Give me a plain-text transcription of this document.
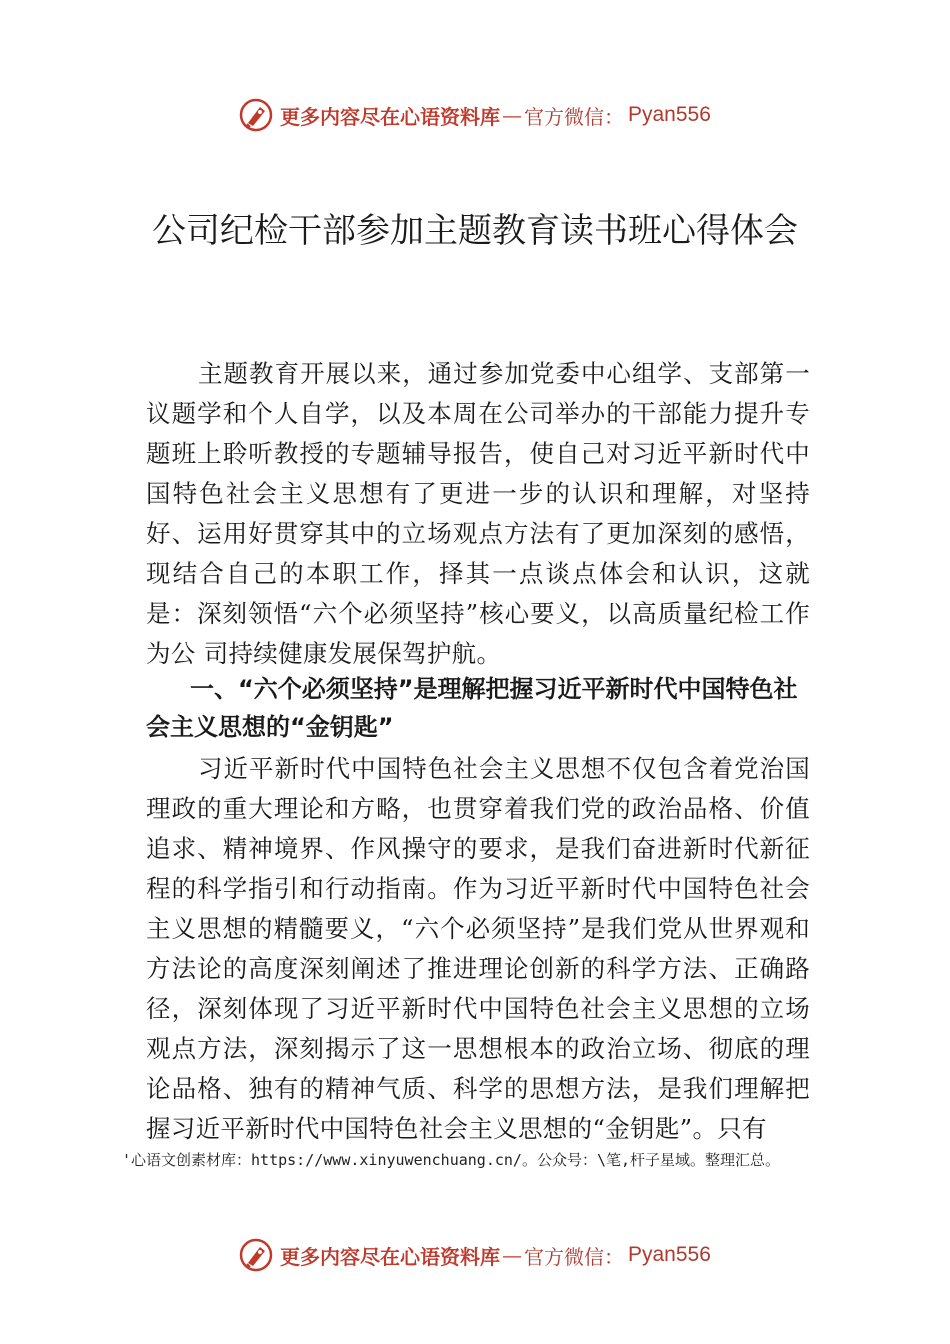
更多内容尽在心语资料库 — 官方微信： Pyan556
公司纪检干部参加主题教育读书班心得体会

主题教育开展以来，通过参加党委中心组学、支部第一议题学和个人自学，以及本周在公司举办的干部能力提升专题班上聆听教授的专题辅导报告，使自己对习近平新时代中国特色社会主义思想有了更进一步的认识和理解，对坚持好、运用好贯穿其中的立场观点方法有了更加深刻的感悟，现结合自己的本职工作，择其一点谈点体会和认识，这就是：深刻领悟“六个必须坚持”核心要义，以高质量纪检工作为公 司持续健康发展保驾护航。

一、“六个必须坚持”是理解把握习近平新时代中国特色社会主义思想的“金钥匙”

习近平新时代中国特色社会主义思想不仅包含着党治国理政的重大理论和方略，也贯穿着我们党的政治品格、价值追求、精神境界、作风操守的要求，是我们奋进新时代新征程的科学指引和行动指南。作为习近平新时代中国特色社会主义思想的精髓要义，“六个必须坚持”是我们党从世界观和方法论的高度深刻阐述了推进理论创新的科学方法、正确路径，深刻体现了习近平新时代中国特色社会主义思想的立场观点方法，深刻揭示了这一思想根本的政治立场、彻底的理论品格、独有的精神气质、科学的思想方法，是我们理解把握习近平新时代中国特色社会主义思想的“金钥匙”。只有

'心语文创素材库：https://www.xinyuwenchuang.cn/。公众号：\笔,杆子星域。整理汇总。

更多内容尽在心语资料库 — 官方微信： Pyan556
